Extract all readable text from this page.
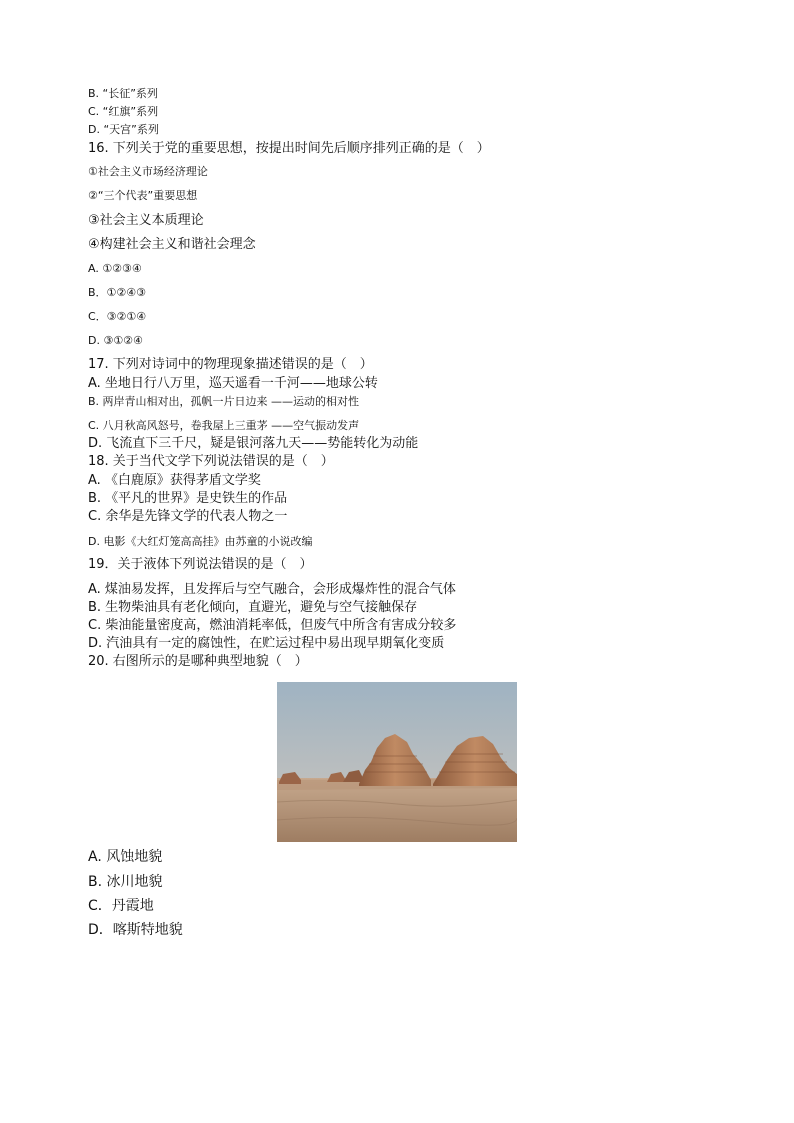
B. “长征”系列
C. “红旗”系列
D. “天宫”系列
16. 下列关于党的重要思想，按提出时间先后顺序排列正确的是（　）
①社会主义市场经济理论
②“三个代表”重要思想
③社会主义本质理论
④构建社会主义和谐社会理念
A. ①②③④
B．①②④③
C．③②①④
D. ③①②④
17. 下列对诗词中的物理现象描述错误的是（　）
A. 坐地日行八万里，巡天遥看一千河——地球公转
B. 两岸青山相对出，孤帆一片日边来 ——运动的相对性
C. 八月秋高风怒号，卷我屋上三重茅 ——空气振动发声
D. 飞流直下三千尺，疑是银河落九天——势能转化为动能
18. 关于当代文学下列说法错误的是（　）
A. 《白鹿原》获得茅盾文学奖
B. 《平凡的世界》是史铁生的作品
C. 余华是先锋文学的代表人物之一
D. 电影《大红灯笼高高挂》由苏童的小说改编
19．关于液体下列说法错误的是（　）
A. 煤油易发挥，且发挥后与空气融合，会形成爆炸性的混合气体
B. 生物柴油具有老化倾向，直避光，避免与空气接触保存
C. 柴油能量密度高，燃油消耗率低，但废气中所含有害成分较多
D. 汽油具有一定的腐蚀性，在贮运过程中易出现早期氧化变质
20. 右图所示的是哪种典型地貌（　）
A. 风蚀地貌
B. 冰川地貌
C．丹霞地
D．喀斯特地貌
